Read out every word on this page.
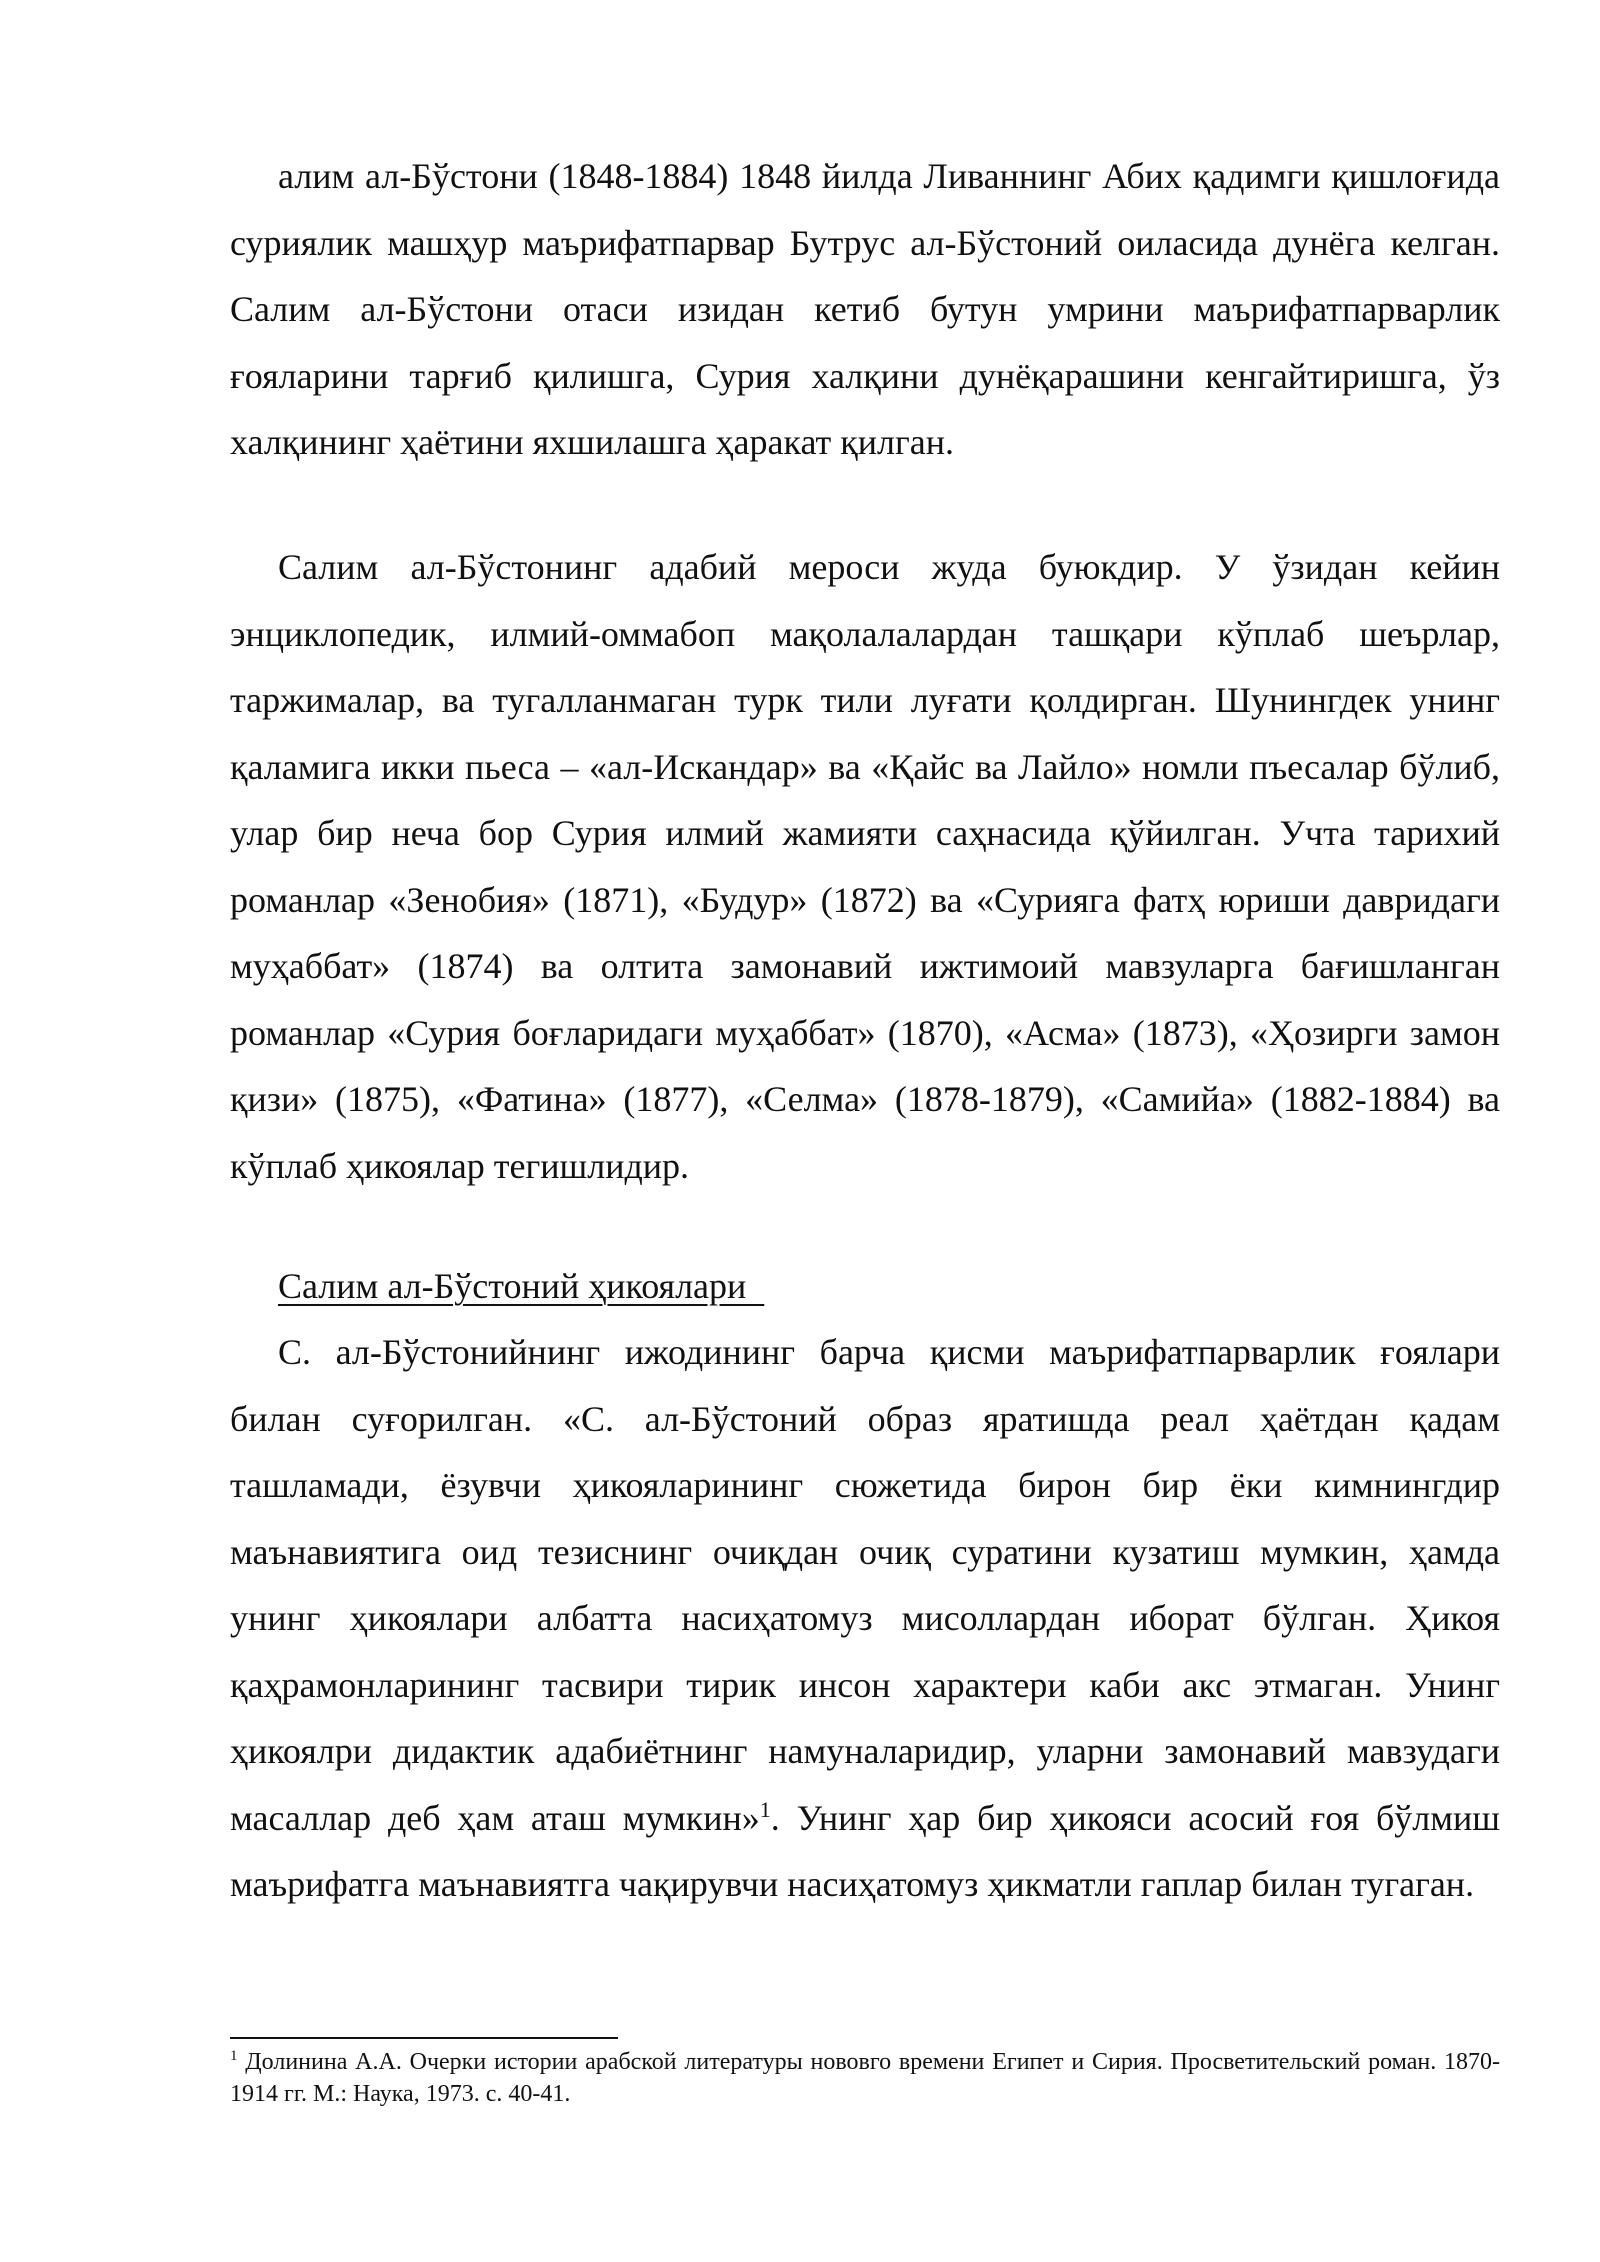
алим ал-Бўстони (1848-1884) 1848 йилда Ливаннинг Абих қадимги қишлоғида суриялик машҳур маърифатпарвар Бутрус ал-Бўстоний оиласида дунёга келган. Салим ал-Бўстони отаси изидан кетиб бутун умрини маърифатпарварлик ғояларини тарғиб қилишга, Сурия халқини дунёқарашини кенгайтиришга, ўз халқининг ҳаётини яхшилашга ҳаракат қилган.

Салим ал-Бўстонинг адабий мероси жуда буюкдир. У ўзидан кейин энциклопедик, илмий-оммабоп мақолалалардан ташқари кўплаб шеърлар, таржималар, ва тугалланмаган турк тили луғати қолдирган. Шунингдек унинг қаламига икки пьеса – «ал-Искандар» ва «Қайс ва Лайло» номли пъесалар бўлиб, улар бир неча бор Сурия илмий жамияти саҳнасида қўйилган. Учта тарихий романлар «Зенобия» (1871), «Будур» (1872) ва «Сурияга фатҳ юриши давридаги муҳаббат» (1874) ва олтита замонавий ижтимоий мавзуларга бағишланган романлар «Сурия боғларидаги муҳаббат» (1870), «Асма» (1873), «Ҳозирги замон қизи» (1875), «Фатина» (1877), «Селма» (1878-1879), «Самийа» (1882-1884) ва кўплаб ҳикоялар тегишлидир.

Салим ал-Бўстоний ҳикоялари

С. ал-Бўстонийнинг ижодининг барча қисми маърифатпарварлик ғоялари билан суғорилган. «С. ал-Бўстоний образ яратишда реал ҳаётдан қадам ташламади, ёзувчи ҳикояларининг сюжетида бирон бир ёки кимнингдир маънавиятига оид тезиснинг очиқдан очиқ суратини кузатиш мумкин, ҳамда унинг ҳикоялари албатта насиҳатомуз мисоллардан иборат бўлган. Ҳикоя қаҳрамонларининг тасвири тирик инсон характери каби акс этмаган. Унинг ҳикоялри дидактик адабиётнинг намуналаридир, уларни замонавий мавзудаги масаллар деб ҳам аташ мумкин»$^1$. Унинг ҳар бир ҳикояси асосий ғоя бўлмиш маърифатга маънавиятга чақирувчи насиҳатомуз ҳикматли гаплар билан тугаган.

$^1$ Долинина А.А. Очерки истории арабской литературы нововго времени Египет и Сирия. Просветительский роман. 1870-1914 гг. М.: Наука, 1973. с. 40-41.
